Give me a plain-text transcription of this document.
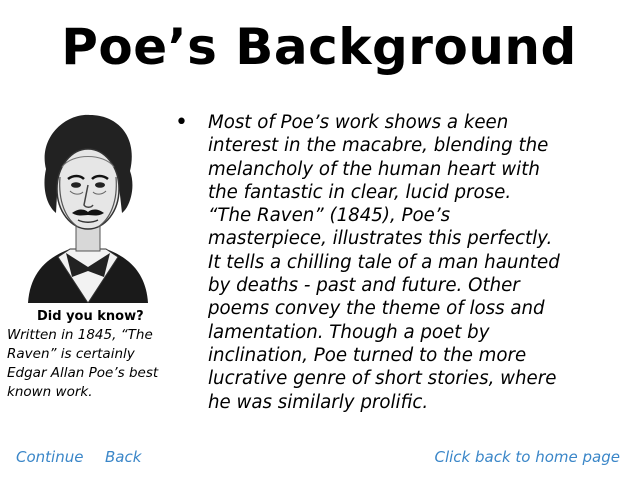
Poe’s Background
Did you know?
Written in 1845, “The Raven” is certainly Edgar Allan Poe’s best known work.
• Most of Poe’s work shows a keen
interest in the macabre, blending the
melancholy of the human heart with
the fantastic in clear, lucid prose.
“The Raven” (1845), Poe’s
masterpiece, illustrates this perfectly.
It tells a chilling tale of a man haunted
by deaths - past and future. Other
poems convey the theme of loss and
lamentation. Though a poet by
inclination, Poe turned to the more
lucrative genre of short stories, where
he was similarly prolific.
Continue Back	Click back to home page
